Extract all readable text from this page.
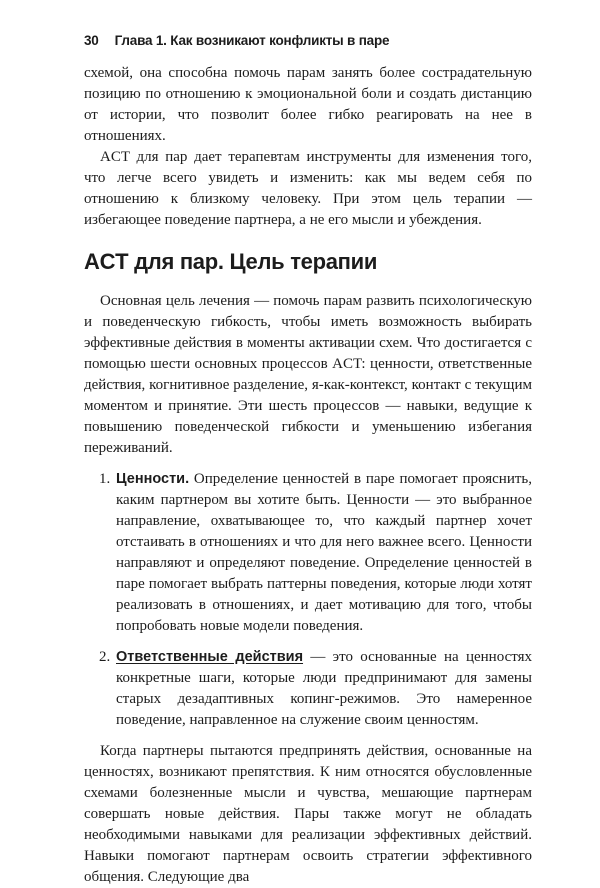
30 Глава 1. Как возникают конфликты в паре

схемой, она способна помочь парам занять более сострадательную позицию по отношению к эмоциональной боли и создать дистанцию от истории, что позволит более гибко реагировать на нее в отношениях.

ACT для пар дает терапевтам инструменты для изменения того, что легче всего увидеть и изменить: как мы ведем себя по отношению к близкому человеку. При этом цель терапии — избегающее поведение партнера, а не его мысли и убеждения.

ACT для пар. Цель терапии

Основная цель лечения — помочь парам развить психологическую и поведенческую гибкость, чтобы иметь возможность выбирать эффективные действия в моменты активации схем. Что достигается с помощью шести основных процессов ACT: ценности, ответственные действия, когнитивное разделение, я-как-контекст, контакт с текущим моментом и принятие. Эти шесть процессов — навыки, ведущие к повышению поведенческой гибкости и уменьшению избегания переживаний.

1. Ценности. Определение ценностей в паре помогает прояснить, каким партнером вы хотите быть. Ценности — это выбранное направление, охватывающее то, что каждый партнер хочет отстаивать в отношениях и что для него важнее всего. Ценности направляют и определяют поведение. Определение ценностей в паре помогает выбрать паттерны поведения, которые люди хотят реализовать в отношениях, и дает мотивацию для того, чтобы попробовать новые модели поведения.
2. Ответственные действия — это основанные на ценностях конкретные шаги, которые люди предпринимают для замены старых дезадаптивных копинг-режимов. Это намеренное поведение, направленное на служение своим ценностям.

Когда партнеры пытаются предпринять действия, основанные на ценностях, возникают препятствия. К ним относятся обусловленные схемами болезненные мысли и чувства, мешающие партнерам совершать новые действия. Пары также могут не обладать необходимыми навыками для реализации эффективных действий. Навыки помогают партнерам освоить стратегии эффективного общения. Следующие два
